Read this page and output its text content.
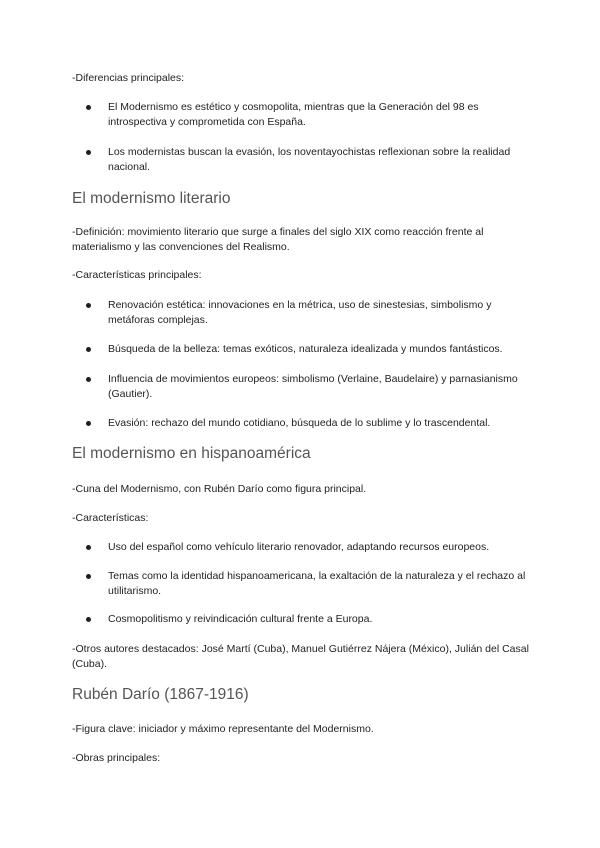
-Diferencias principales:

El Modernismo es estético y cosmopolita, mientras que la Generación del 98 es introspectiva y comprometida con España.
Los modernistas buscan la evasión, los noventayochistas reflexionan sobre la realidad nacional.
El modernismo literario

-Definición: movimiento literario que surge a finales del siglo XIX como reacción frente al materialismo y las convenciones del Realismo.

-Características principales:

Renovación estética: innovaciones en la métrica, uso de sinestesias, simbolismo y metáforas complejas.
Búsqueda de la belleza: temas exóticos, naturaleza idealizada y mundos fantásticos.
Influencia de movimientos europeos: simbolismo (Verlaine, Baudelaire) y parnasianismo (Gautier).
Evasión: rechazo del mundo cotidiano, búsqueda de lo sublime y lo trascendental.
El modernismo en hispanoamérica

-Cuna del Modernismo, con Rubén Darío como figura principal.

-Características:

Uso del español como vehículo literario renovador, adaptando recursos europeos.
Temas como la identidad hispanoamericana, la exaltación de la naturaleza y el rechazo al utilitarismo.
Cosmopolitismo y reivindicación cultural frente a Europa.

-Otros autores destacados: José Martí (Cuba), Manuel Gutiérrez Nájera (México), Julián del Casal (Cuba).

Rubén Darío (1867-1916)

-Figura clave: iniciador y máximo representante del Modernismo.

-Obras principales:
